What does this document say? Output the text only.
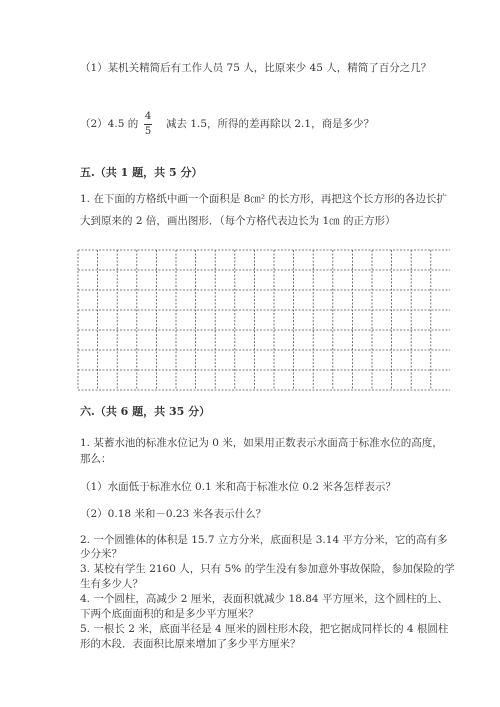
（1）某机关精简后有工作人员 75 人，比原来少 45 人，精简了百分之几？
（2）4.5 的
4
5
减去 1.5，所得的差再除以 2.1，商是多少？
五.（共 1 题，共 5 分）
1. 在下面的方格纸中画一个面积是 8㎝² 的长方形，再把这个长方形的各边长扩
大到原来的 2 倍，画出图形．（每个方格代表边长为 1㎝ 的正方形）
六.（共 6 题，共 35 分）
1. 某蓄水池的标准水位记为 0 米，如果用正数表示水面高于标准水位的高度，
那么：
（1）水面低于标准水位 0.1 米和高于标准水位 0.2 米各怎样表示？
（2）0.18 米和－0.23 米各表示什么？
2. 一个圆锥体的体积是 15.7 立方分米，底面积是 3.14 平方分米，它的高有多
少分米？
3. 某校有学生 2160 人，只有 5% 的学生没有参加意外事故保险，参加保险的学
生有多少人？
4. 一个圆柱，高减少 2 厘米，表面积就减少 18.84 平方厘米，这个圆柱的上、
下两个底面面积的和是多少平方厘米？
5. 一根长 2 米，底面半径是 4 厘米的圆柱形木段，把它据成同样长的 4 根圆柱
形的木段．表面积比原来增加了多少平方厘米？
